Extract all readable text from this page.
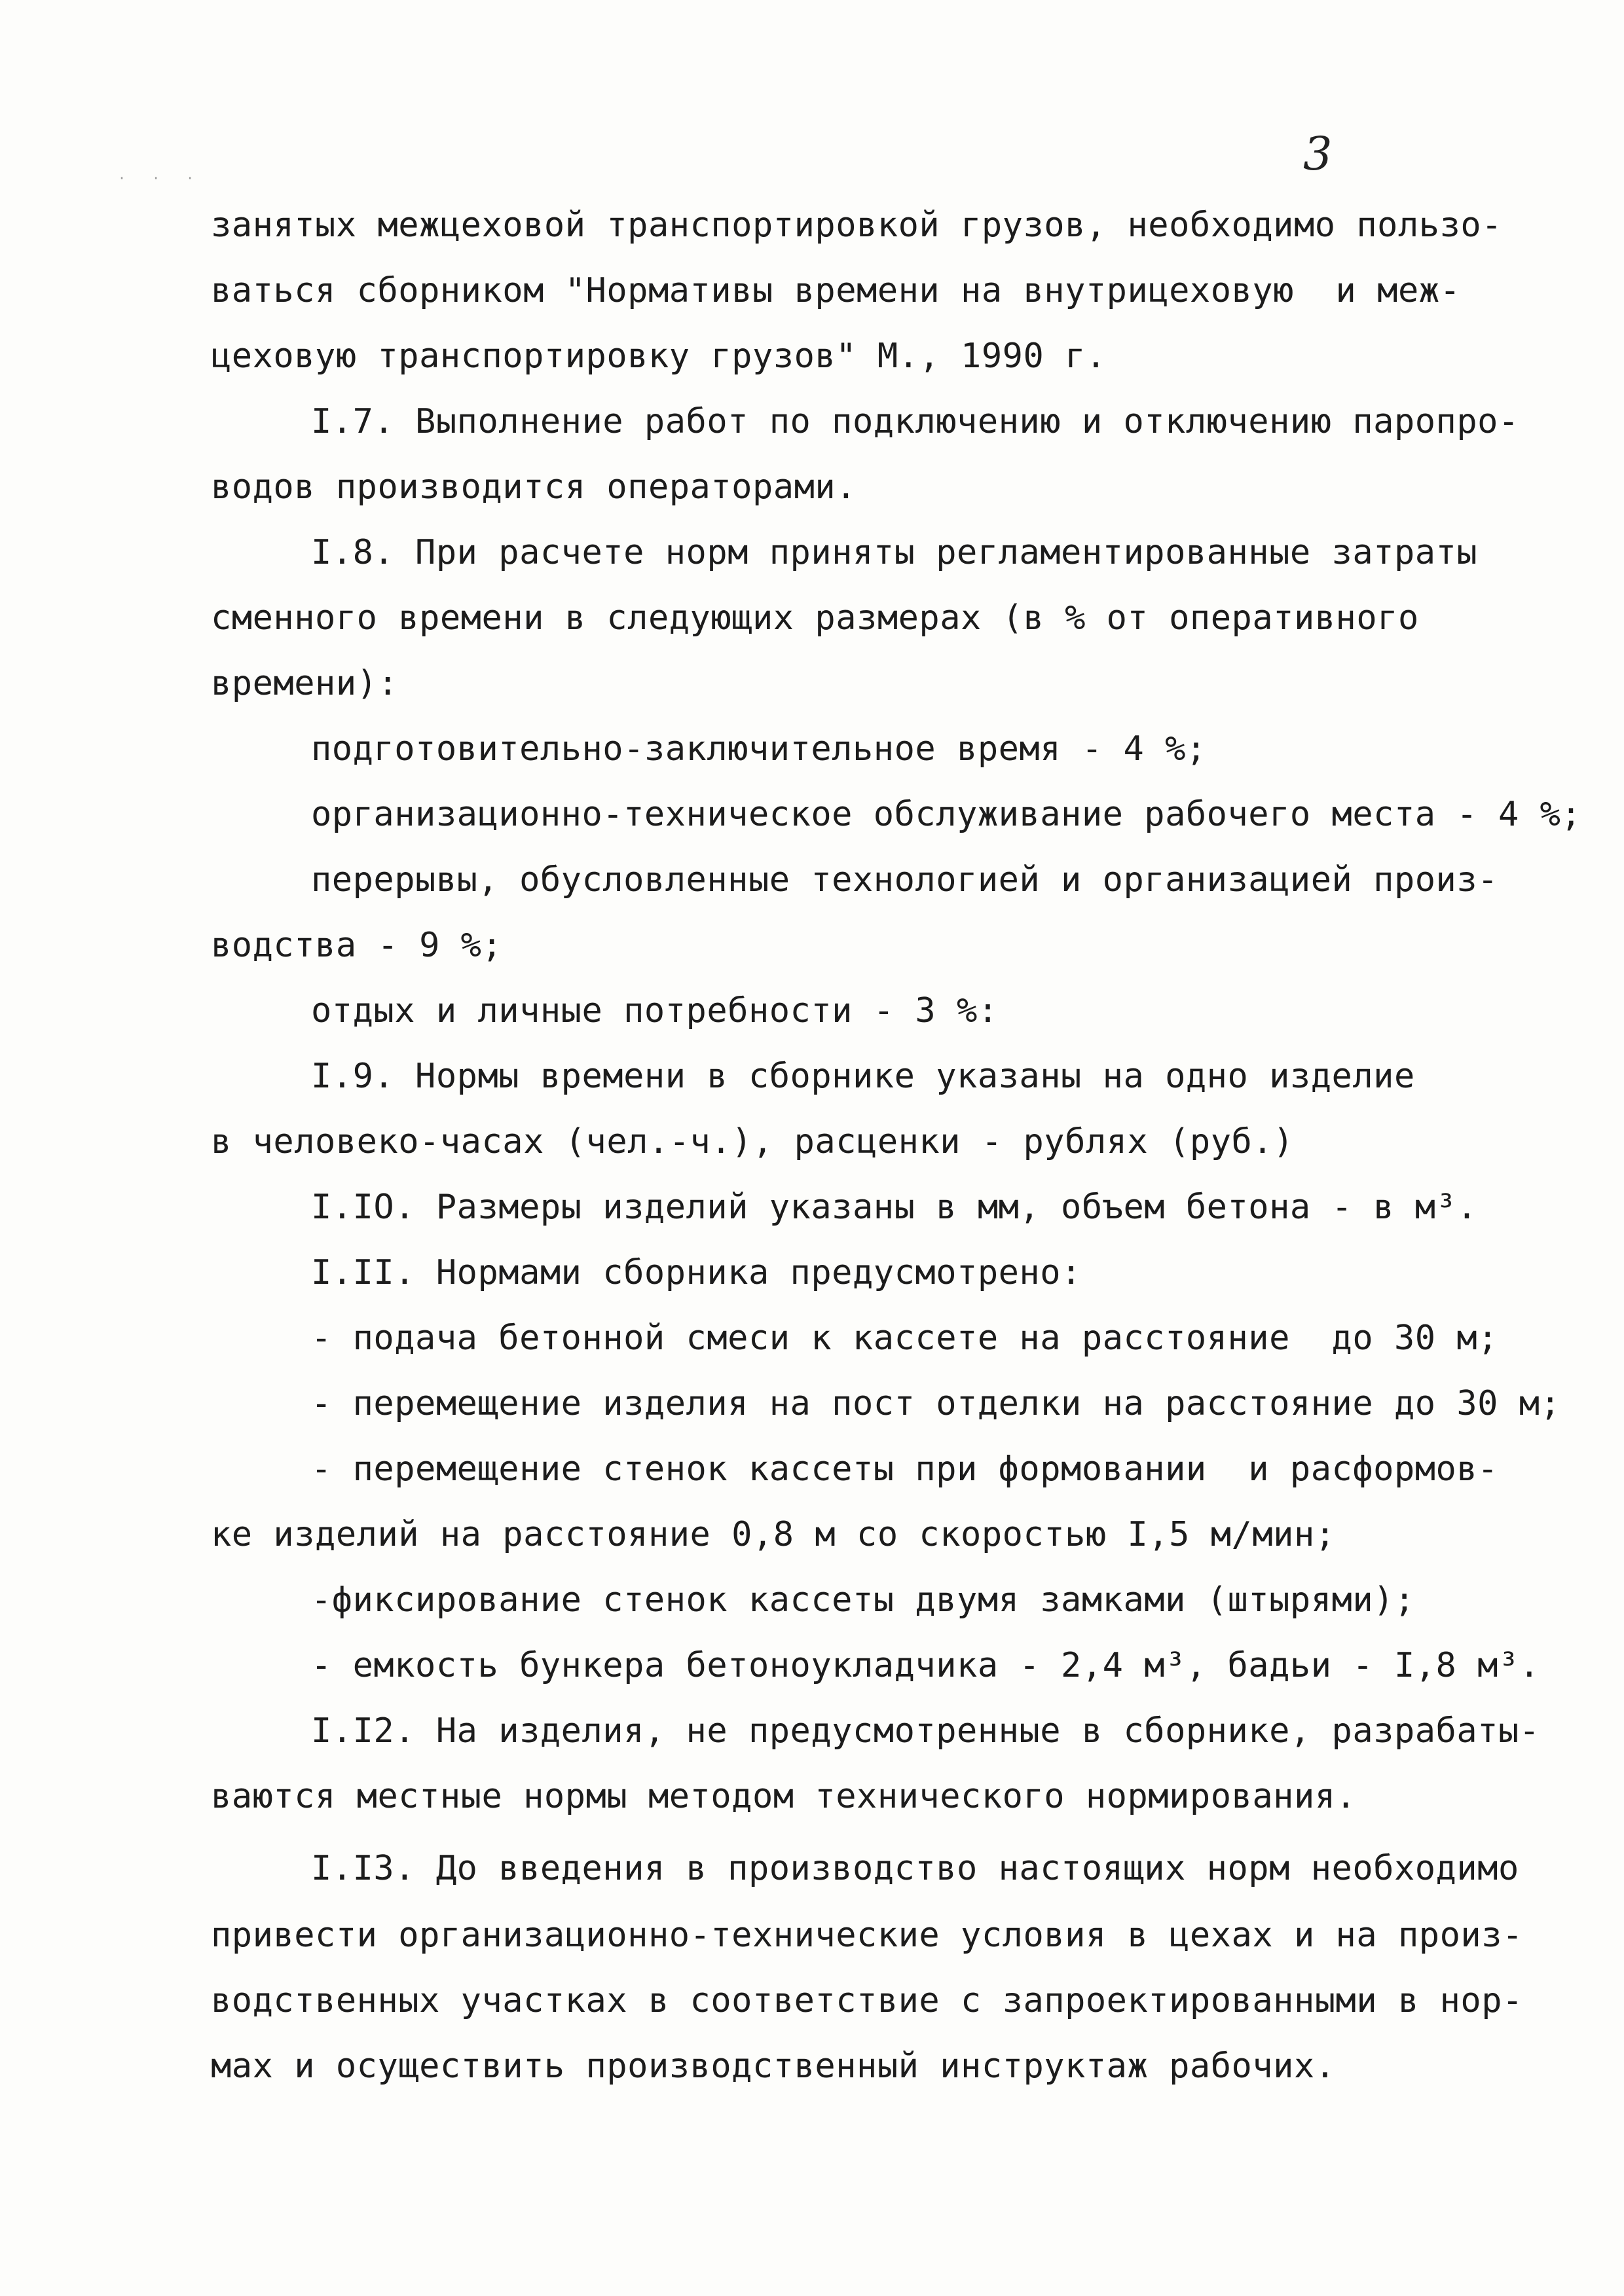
· · ·	3
занятых межцеховой транспортировкой грузов, необходимо пользо-
ваться сборником "Нормативы времени на внутрицеховую  и меж-
цеховую транспортировку грузов" М., 1990 г.
I.7. Выполнение работ по подключению и отключению паропро-
водов производится операторами.
I.8. При расчете норм приняты регламентированные затраты
сменного времени в следующих размерах (в % от оперативного
времени):
подготовительно-заключительное время - 4 %;
организационно-техническое обслуживание рабочего места - 4 %;
перерывы, обусловленные технологией и организацией произ-
водства - 9 %;
отдых и личные потребности - 3 %:
I.9. Нормы времени в сборнике указаны на одно изделие
в человеко-часах (чел.-ч.), расценки - рублях (руб.)
I.IO. Размеры изделий указаны в мм, объем бетона - в м³.
I.II. Нормами сборника предусмотрено:
- подача бетонной смеси к кассете на расстояние  до 30 м;
- перемещение изделия на пост отделки на расстояние до 30 м;
- перемещение стенок кассеты при формовании  и расформов-
ке изделий на расстояние 0,8 м со скоростью I,5 м/мин;
-фиксирование стенок кассеты двумя замками (штырями);
- емкость бункера бетоноукладчика - 2,4 м³, бадьи - I,8 м³.
I.I2. На изделия, не предусмотренные в сборнике, разрабаты-
ваются местные нормы методом технического нормирования.
I.I3. До введения в производство настоящих норм необходимо
привести организационно-технические условия в цехах и на произ-
водственных участках в соответствие с запроектированными в нор-
мах и осуществить производственный инструктаж рабочих.
